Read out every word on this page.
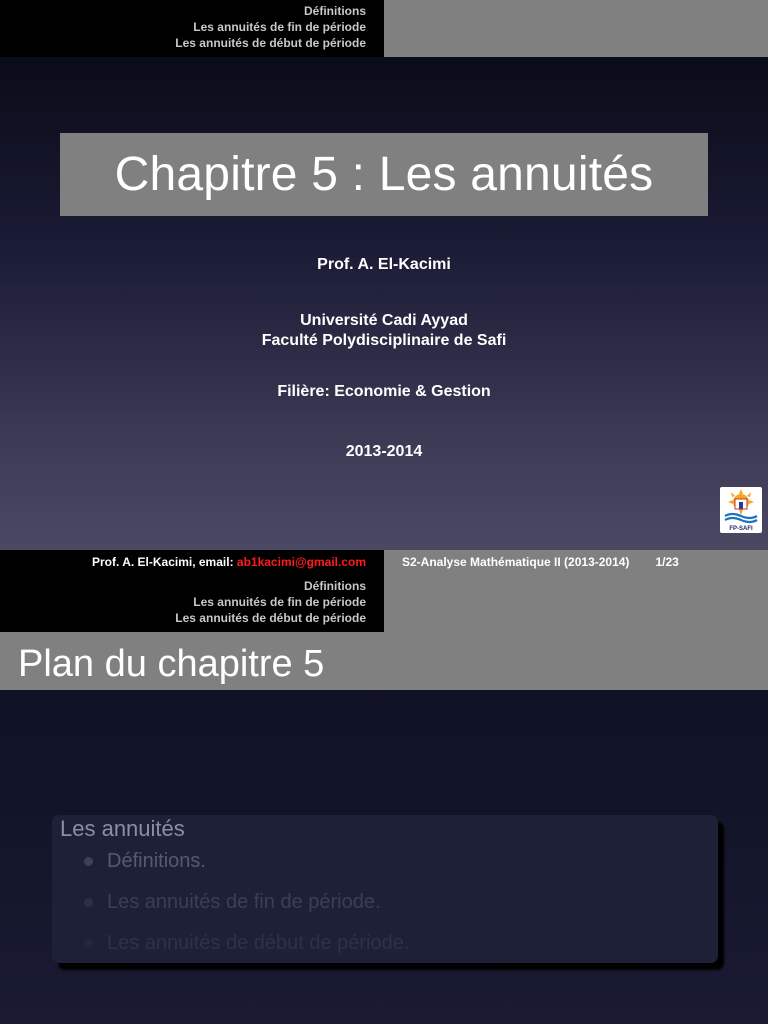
Définitions
Les annuités de fin de période
Les annuités de début de période
Chapitre 5 : Les annuités
Prof. A. El-Kacimi
Université Cadi Ayyad
Faculté Polydisciplinaire de Safi
Filière: Economie & Gestion
2013-2014
FP-SAFI
Prof. A. El-Kacimi, email: ab1kacimi@gmail.com	S2-Analyse Mathématique II (2013-2014) 1/23
Définitions
Les annuités de fin de période
Les annuités de début de période
Plan du chapitre 5
Les annuités
Définitions.
Les annuités de fin de période.
Les annuités de début de période.
